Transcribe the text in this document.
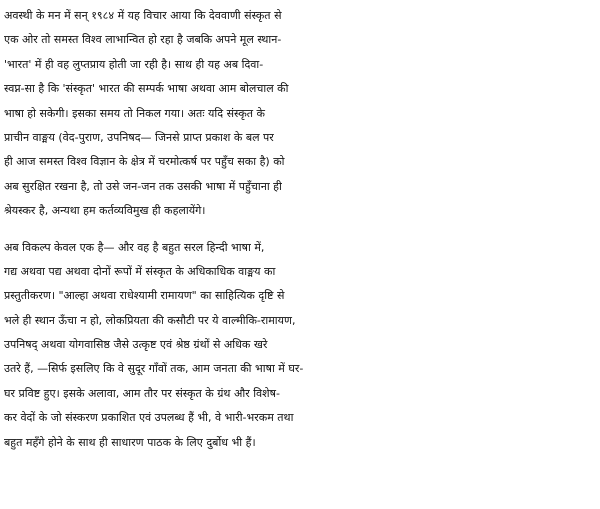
अवस्थी के मन में सन् १९८४ में यह विचार आया कि देववाणी संस्कृत से
एक ओर तो समस्त विश्व लाभान्वित हो रहा है जबकि अपने मूल स्थान-
'भारत' में ही वह लुप्तप्राय होती जा रही है। साथ ही यह अब दिवा-
स्वप्न-सा है कि 'संस्कृत' भारत की सम्पर्क भाषा अथवा आम बोलचाल की
भाषा हो सकेगी। इसका समय तो निकल गया। अतः यदि संस्कृत के
प्राचीन वाङ्मय (वेद-पुराण, उपनिषद— जिनसे प्राप्त प्रकाश के बल पर
ही आज समस्त विश्व विज्ञान के क्षेत्र में चरमोत्कर्ष पर पहुँच सका है) को
अब सुरक्षित रखना है, तो उसे जन-जन तक उसकी भाषा में पहुँचाना ही
श्रेयस्कर है, अन्यथा हम कर्तव्यविमुख ही कहलायेंगे।
अब विकल्प केवल एक है— और वह है बहुत सरल हिन्दी भाषा में,
गद्य अथवा पद्य अथवा दोनों रूपों में संस्कृत के अधिकाधिक वाङ्मय का
प्रस्तुतीकरण। "आल्हा अथवा राधेश्यामी रामायण" का साहित्यिक दृष्टि से
भले ही स्थान ऊँचा न हो, लोकप्रियता की कसौटी पर ये वाल्मीकि-रामायण,
उपनिषद् अथवा योगवासिष्ठ जैसे उत्कृष्ट एवं श्रेष्ठ ग्रंथों से अधिक खरे
उतरे हैं, —सिर्फ इसलिए कि वे सुदूर गाँवों तक, आम जनता की भाषा में घर-
घर प्रविष्ट हुए। इसके अलावा, आम तौर पर संस्कृत के ग्रंथ और विशेष-
कर वेदों के जो संस्करण प्रकाशित एवं उपलब्ध हैं भी, वे भारी-भरकम तथा
बहुत महँगे होने के साथ ही साधारण पाठक के लिए दुर्बोध भी हैं।
